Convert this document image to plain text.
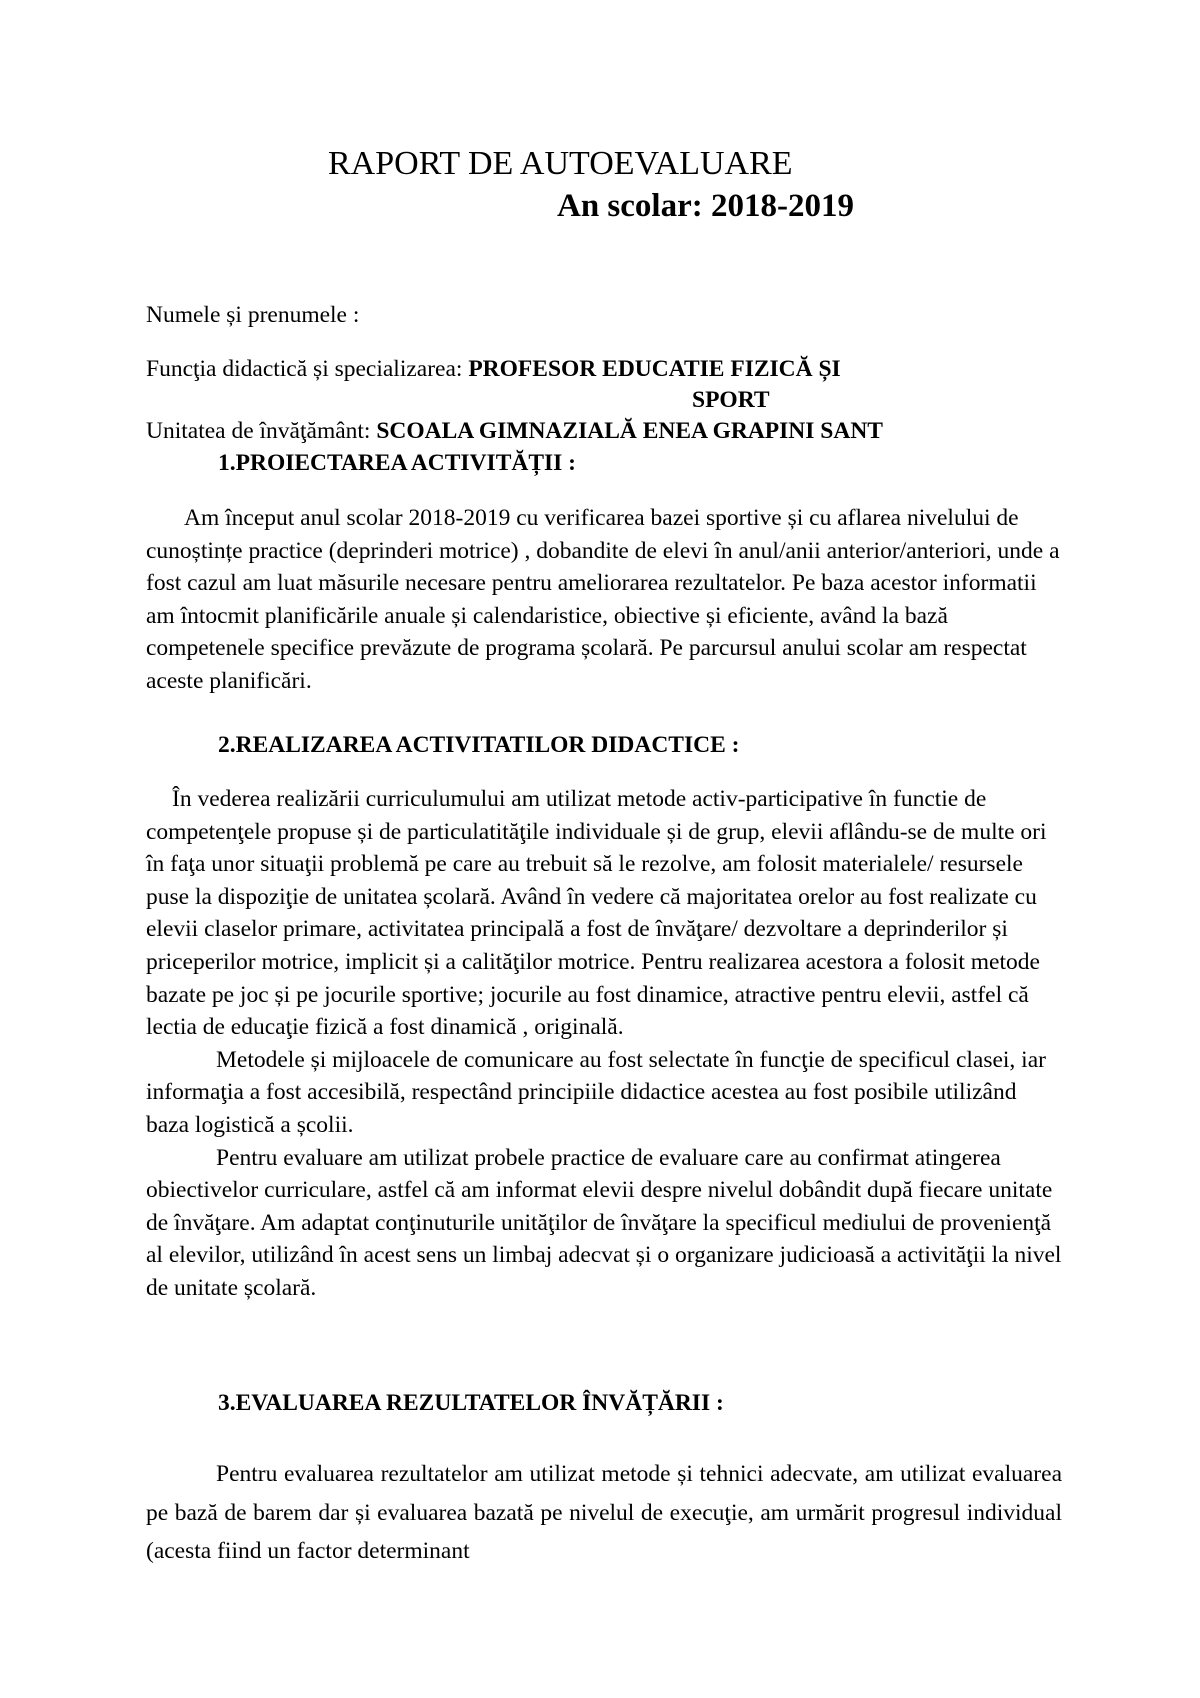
RAPORT DE AUTOEVALUARE
An scolar: 2018-2019
Numele și prenumele :
Funcţia didactică și specializarea: PROFESOR EDUCATIE FIZICĂ ȘI
SPORT
Unitatea de învăţământ: SCOALA GIMNAZIALĂ ENEA GRAPINI SANT
1.PROIECTAREA ACTIVITĂȚII :

Am început anul scolar 2018-2019 cu verificarea bazei sportive și cu aflarea nivelului de cunoștințe practice (deprinderi motrice) , dobandite de elevi în anul/anii anterior/anteriori, unde a fost cazul am luat măsurile necesare pentru ameliorarea rezultatelor. Pe baza acestor informatii am întocmit planificările anuale și calendaristice, obiective și eficiente, având la bază competenele specifice prevăzute de programa școlară. Pe parcursul anului scolar am respectat aceste planificări.

2.REALIZAREA ACTIVITATILOR DIDACTICE :

În vederea realizării curriculumului am utilizat metode activ-participative în functie de competenţele propuse și de particulatităţile individuale și de grup, elevii aflându-se de multe ori în faţa unor situaţii problemă pe care au trebuit să le rezolve, am folosit materialele/ resursele puse la dispoziţie de unitatea școlară. Având în vedere că majoritatea orelor au fost realizate cu elevii claselor primare, activitatea principală a fost de învăţare/ dezvoltare a deprinderilor și priceperilor motrice, implicit și a calităţilor motrice. Pentru realizarea acestora a folosit metode bazate pe joc și pe jocurile sportive; jocurile au fost dinamice, atractive pentru elevii, astfel că lectia de educaţie fizică a fost dinamică , originală.

Metodele și mijloacele de comunicare au fost selectate în funcţie de specificul clasei, iar informaţia a fost accesibilă, respectând principiile didactice acestea au fost posibile utilizând baza logistică a școlii.

Pentru evaluare am utilizat probele practice de evaluare care au confirmat atingerea obiectivelor curriculare, astfel că am informat elevii despre nivelul dobândit după fiecare unitate de învăţare. Am adaptat conţinuturile unităţilor de învăţare la specificul mediului de provenienţă al elevilor, utilizând în acest sens un limbaj adecvat și o organizare judicioasă a activităţii la nivel de unitate școlară.

3.EVALUAREA REZULTATELOR ÎNVĂȚĂRII :

Pentru evaluarea rezultatelor am utilizat metode și tehnici adecvate, am utilizat evaluarea pe bază de barem dar și evaluarea bazată pe nivelul de execuţie, am urmărit progresul individual (acesta fiind un factor determinant
